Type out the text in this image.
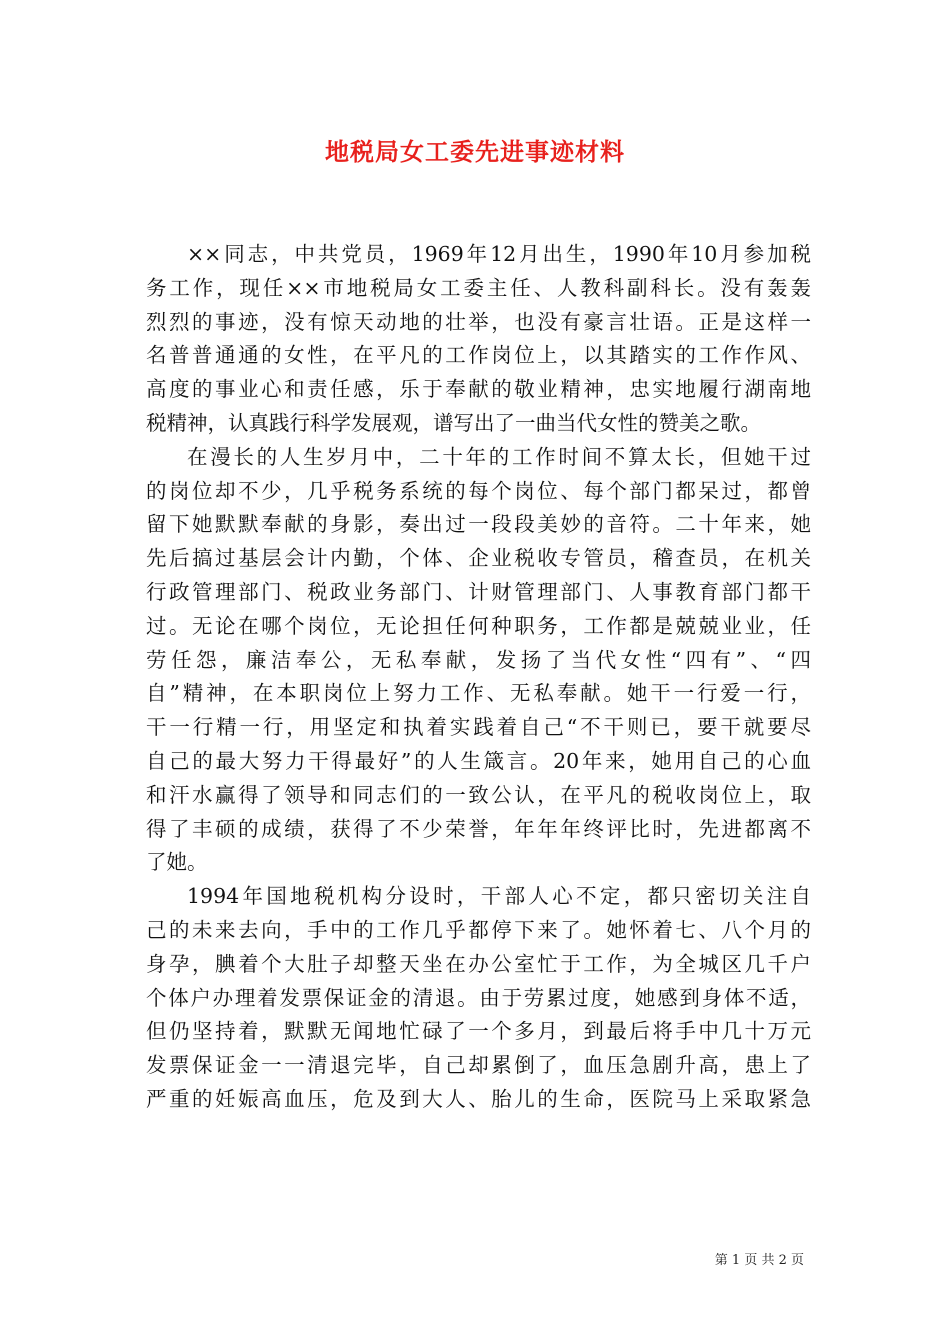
地税局女工委先进事迹材料
××同志，中共党员，1969年12月出生，1990年10月参加税
务工作，现任××市地税局女工委主任、人教科副科长。没有轰轰
烈烈的事迹，没有惊天动地的壮举，也没有豪言壮语。正是这样一
名普普通通的女性，在平凡的工作岗位上，以其踏实的工作作风、
高度的事业心和责任感，乐于奉献的敬业精神，忠实地履行湖南地
税精神，认真践行科学发展观，谱写出了一曲当代女性的赞美之歌。
在漫长的人生岁月中，二十年的工作时间不算太长，但她干过
的岗位却不少，几乎税务系统的每个岗位、每个部门都呆过，都曾
留下她默默奉献的身影，奏出过一段段美妙的音符。二十年来，她
先后搞过基层会计内勤，个体、企业税收专管员，稽查员，在机关
行政管理部门、税政业务部门、计财管理部门、人事教育部门都干
过。无论在哪个岗位，无论担任何种职务，工作都是兢兢业业，任
劳任怨，廉洁奉公，无私奉献，发扬了当代女性“四有”、“四
自”精神，在本职岗位上努力工作、无私奉献。她干一行爱一行，
干一行精一行，用坚定和执着实践着自己“不干则已，要干就要尽
自己的最大努力干得最好”的人生箴言。20年来，她用自己的心血
和汗水赢得了领导和同志们的一致公认，在平凡的税收岗位上，取
得了丰硕的成绩，获得了不少荣誉，年年年终评比时，先进都离不
了她。
1994年国地税机构分设时，干部人心不定，都只密切关注自
己的未来去向，手中的工作几乎都停下来了。她怀着七、八个月的
身孕，腆着个大肚子却整天坐在办公室忙于工作，为全城区几千户
个体户办理着发票保证金的清退。由于劳累过度，她感到身体不适，
但仍坚持着，默默无闻地忙碌了一个多月，到最后将手中几十万元
发票保证金一一清退完毕，自己却累倒了，血压急剧升高，患上了
严重的妊娠高血压，危及到大人、胎儿的生命，医院马上采取紧急
第 1 页 共 2 页
